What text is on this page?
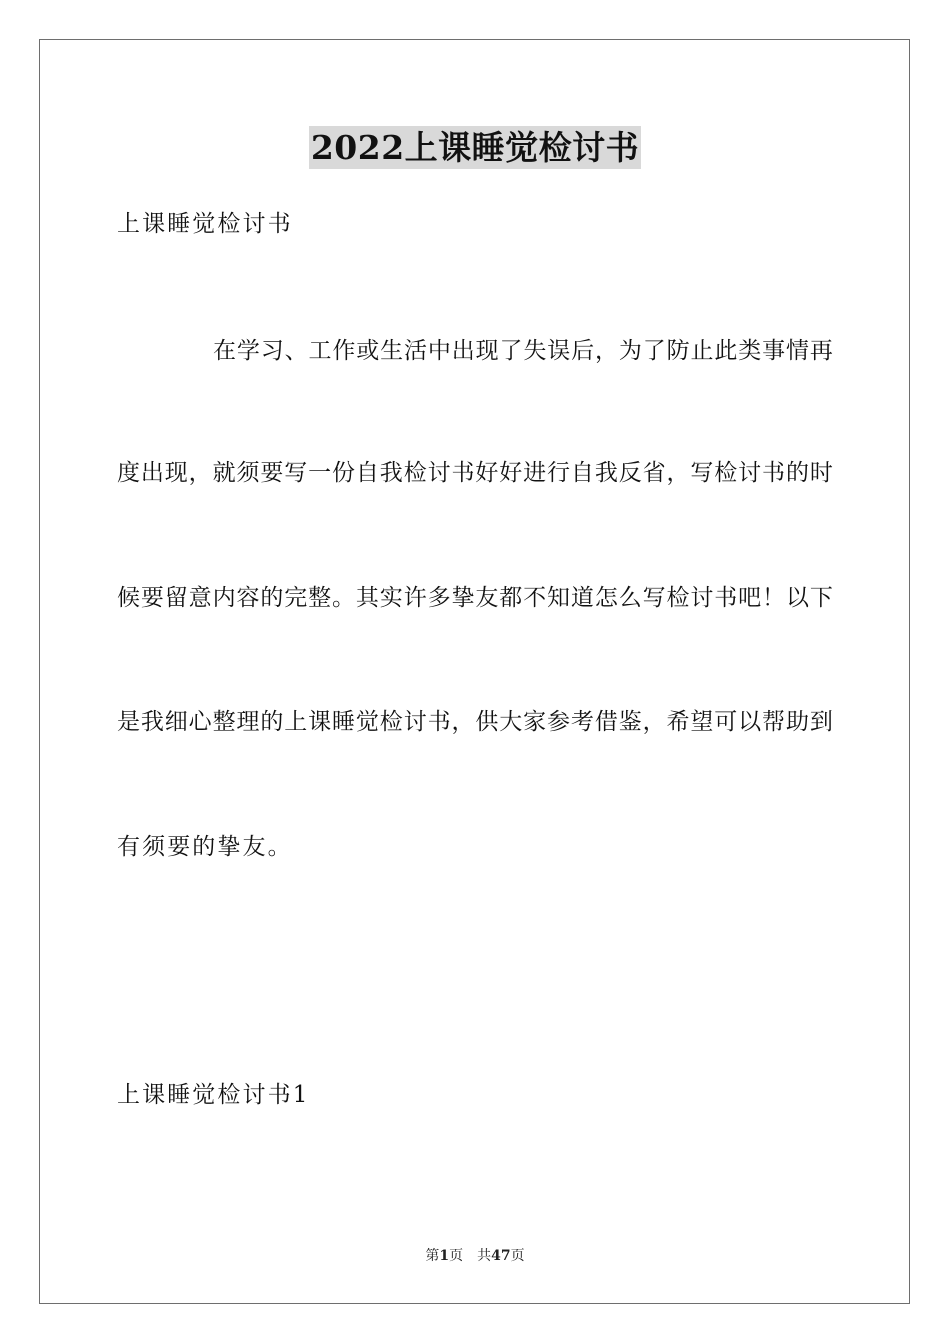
2022上课睡觉检讨书
上课睡觉检讨书
在 学 习 、 工 作 或 生 活 中 出 现 了 失 误 后 ， 为 了 防 止 此 类 事 情 再
度 出 现 ， 就 须 要 写 一 份 自 我 检 讨 书 好 好 进 行 自 我 反 省 ， 写 检 讨 书 的 时
候 要 留 意 内 容 的 完 整 。 其 实 许 多 挚 友 都 不 知 道 怎 么 写 检 讨 书 吧 ！ 以 下
是 我 细 心 整 理 的 上 课 睡 觉 检 讨 书 ， 供 大 家 参 考 借 鉴 ， 希 望 可 以 帮 助 到
有须要的挚友。
上课睡觉检讨书1
第1页 共47页
